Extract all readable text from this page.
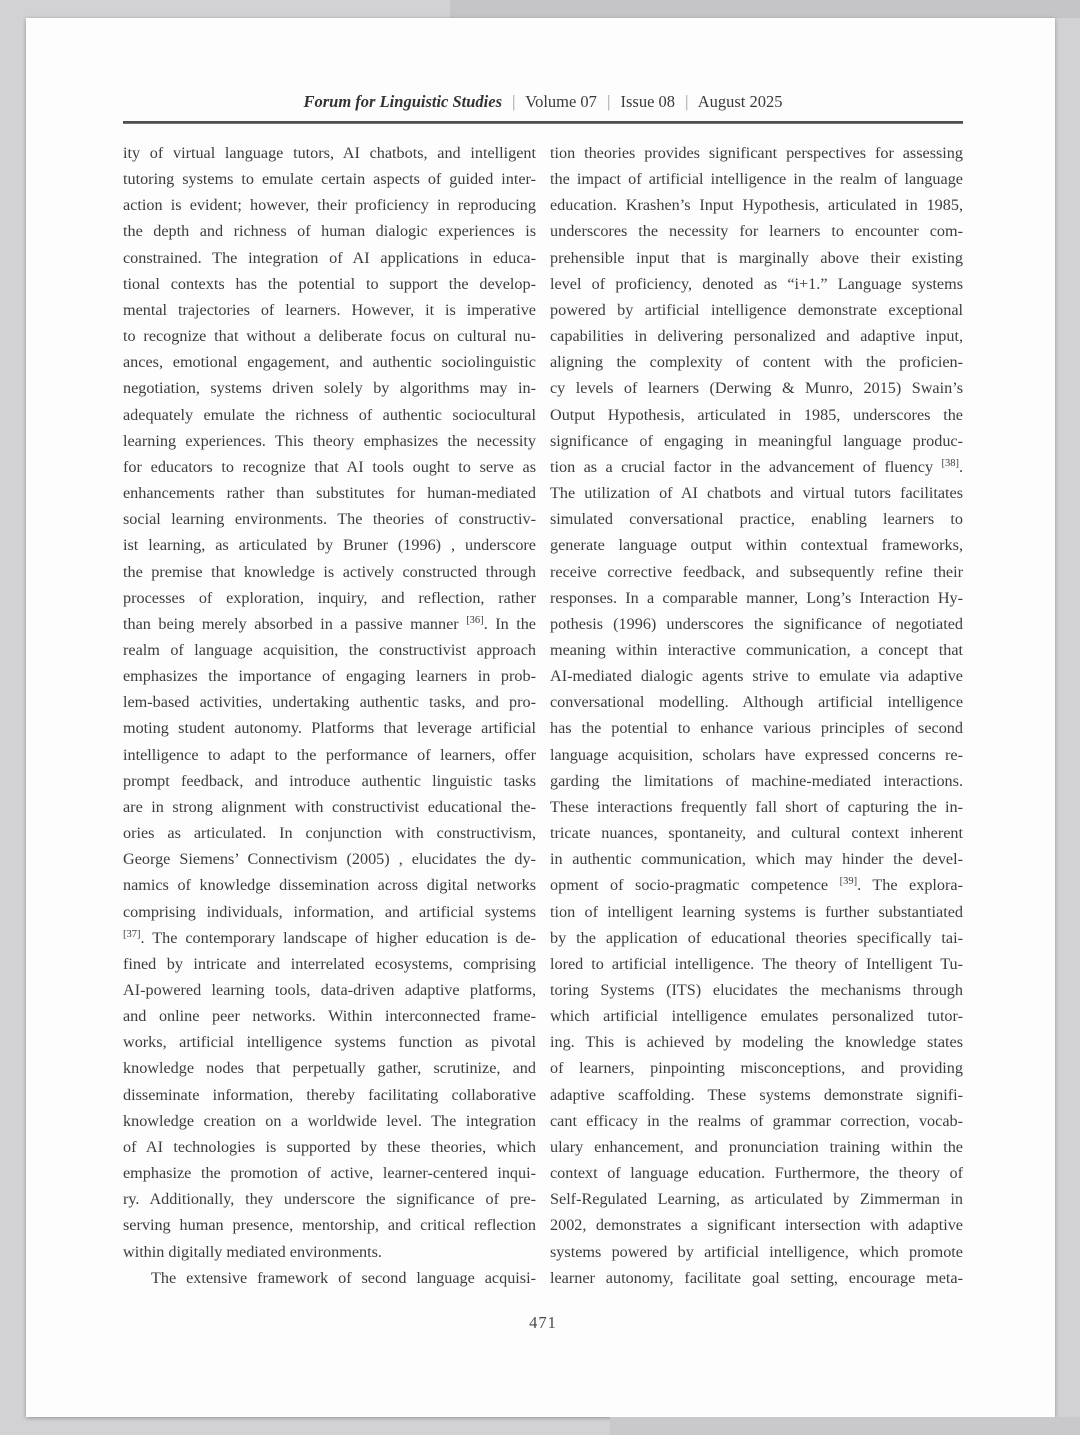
Forum for Linguistic Studies | Volume 07 | Issue 08 | August 2025
ity of virtual language tutors, AI chatbots, and intelligent
tutoring systems to emulate certain aspects of guided inter-
action is evident; however, their proficiency in reproducing
the depth and richness of human dialogic experiences is
constrained. The integration of AI applications in educa-
tional contexts has the potential to support the develop-
mental trajectories of learners. However, it is imperative
to recognize that without a deliberate focus on cultural nu-
ances, emotional engagement, and authentic sociolinguistic
negotiation, systems driven solely by algorithms may in-
adequately emulate the richness of authentic sociocultural
learning experiences. This theory emphasizes the necessity
for educators to recognize that AI tools ought to serve as
enhancements rather than substitutes for human-mediated
social learning environments. The theories of constructiv-
ist learning, as articulated by Bruner (1996) , underscore
the premise that knowledge is actively constructed through
processes of exploration, inquiry, and reflection, rather
than being merely absorbed in a passive manner [36]. In the
realm of language acquisition, the constructivist approach
emphasizes the importance of engaging learners in prob-
lem-based activities, undertaking authentic tasks, and pro-
moting student autonomy. Platforms that leverage artificial
intelligence to adapt to the performance of learners, offer
prompt feedback, and introduce authentic linguistic tasks
are in strong alignment with constructivist educational the-
ories as articulated. In conjunction with constructivism,
George Siemens’ Connectivism (2005) , elucidates the dy-
namics of knowledge dissemination across digital networks
comprising individuals, information, and artificial systems
[37]. The contemporary landscape of higher education is de-
fined by intricate and interrelated ecosystems, comprising
AI-powered learning tools, data-driven adaptive platforms,
and online peer networks. Within interconnected frame-
works, artificial intelligence systems function as pivotal
knowledge nodes that perpetually gather, scrutinize, and
disseminate information, thereby facilitating collaborative
knowledge creation on a worldwide level. The integration
of AI technologies is supported by these theories, which
emphasize the promotion of active, learner-centered inqui-
ry. Additionally, they underscore the significance of pre-
serving human presence, mentorship, and critical reflection
within digitally mediated environments.
The extensive framework of second language acquisi-
tion theories provides significant perspectives for assessing
the impact of artificial intelligence in the realm of language
education. Krashen’s Input Hypothesis, articulated in 1985,
underscores the necessity for learners to encounter com-
prehensible input that is marginally above their existing
level of proficiency, denoted as “i+1.” Language systems
powered by artificial intelligence demonstrate exceptional
capabilities in delivering personalized and adaptive input,
aligning the complexity of content with the proficien-
cy levels of learners (Derwing & Munro, 2015) Swain’s
Output Hypothesis, articulated in 1985, underscores the
significance of engaging in meaningful language produc-
tion as a crucial factor in the advancement of fluency [38].
The utilization of AI chatbots and virtual tutors facilitates
simulated conversational practice, enabling learners to
generate language output within contextual frameworks,
receive corrective feedback, and subsequently refine their
responses. In a comparable manner, Long’s Interaction Hy-
pothesis (1996) underscores the significance of negotiated
meaning within interactive communication, a concept that
AI-mediated dialogic agents strive to emulate via adaptive
conversational modelling. Although artificial intelligence
has the potential to enhance various principles of second
language acquisition, scholars have expressed concerns re-
garding the limitations of machine-mediated interactions.
These interactions frequently fall short of capturing the in-
tricate nuances, spontaneity, and cultural context inherent
in authentic communication, which may hinder the devel-
opment of socio-pragmatic competence [39]. The explora-
tion of intelligent learning systems is further substantiated
by the application of educational theories specifically tai-
lored to artificial intelligence. The theory of Intelligent Tu-
toring Systems (ITS) elucidates the mechanisms through
which artificial intelligence emulates personalized tutor-
ing. This is achieved by modeling the knowledge states
of learners, pinpointing misconceptions, and providing
adaptive scaffolding. These systems demonstrate signifi-
cant efficacy in the realms of grammar correction, vocab-
ulary enhancement, and pronunciation training within the
context of language education. Furthermore, the theory of
Self-Regulated Learning, as articulated by Zimmerman in
2002, demonstrates a significant intersection with adaptive
systems powered by artificial intelligence, which promote
learner autonomy, facilitate goal setting, encourage meta-
471
